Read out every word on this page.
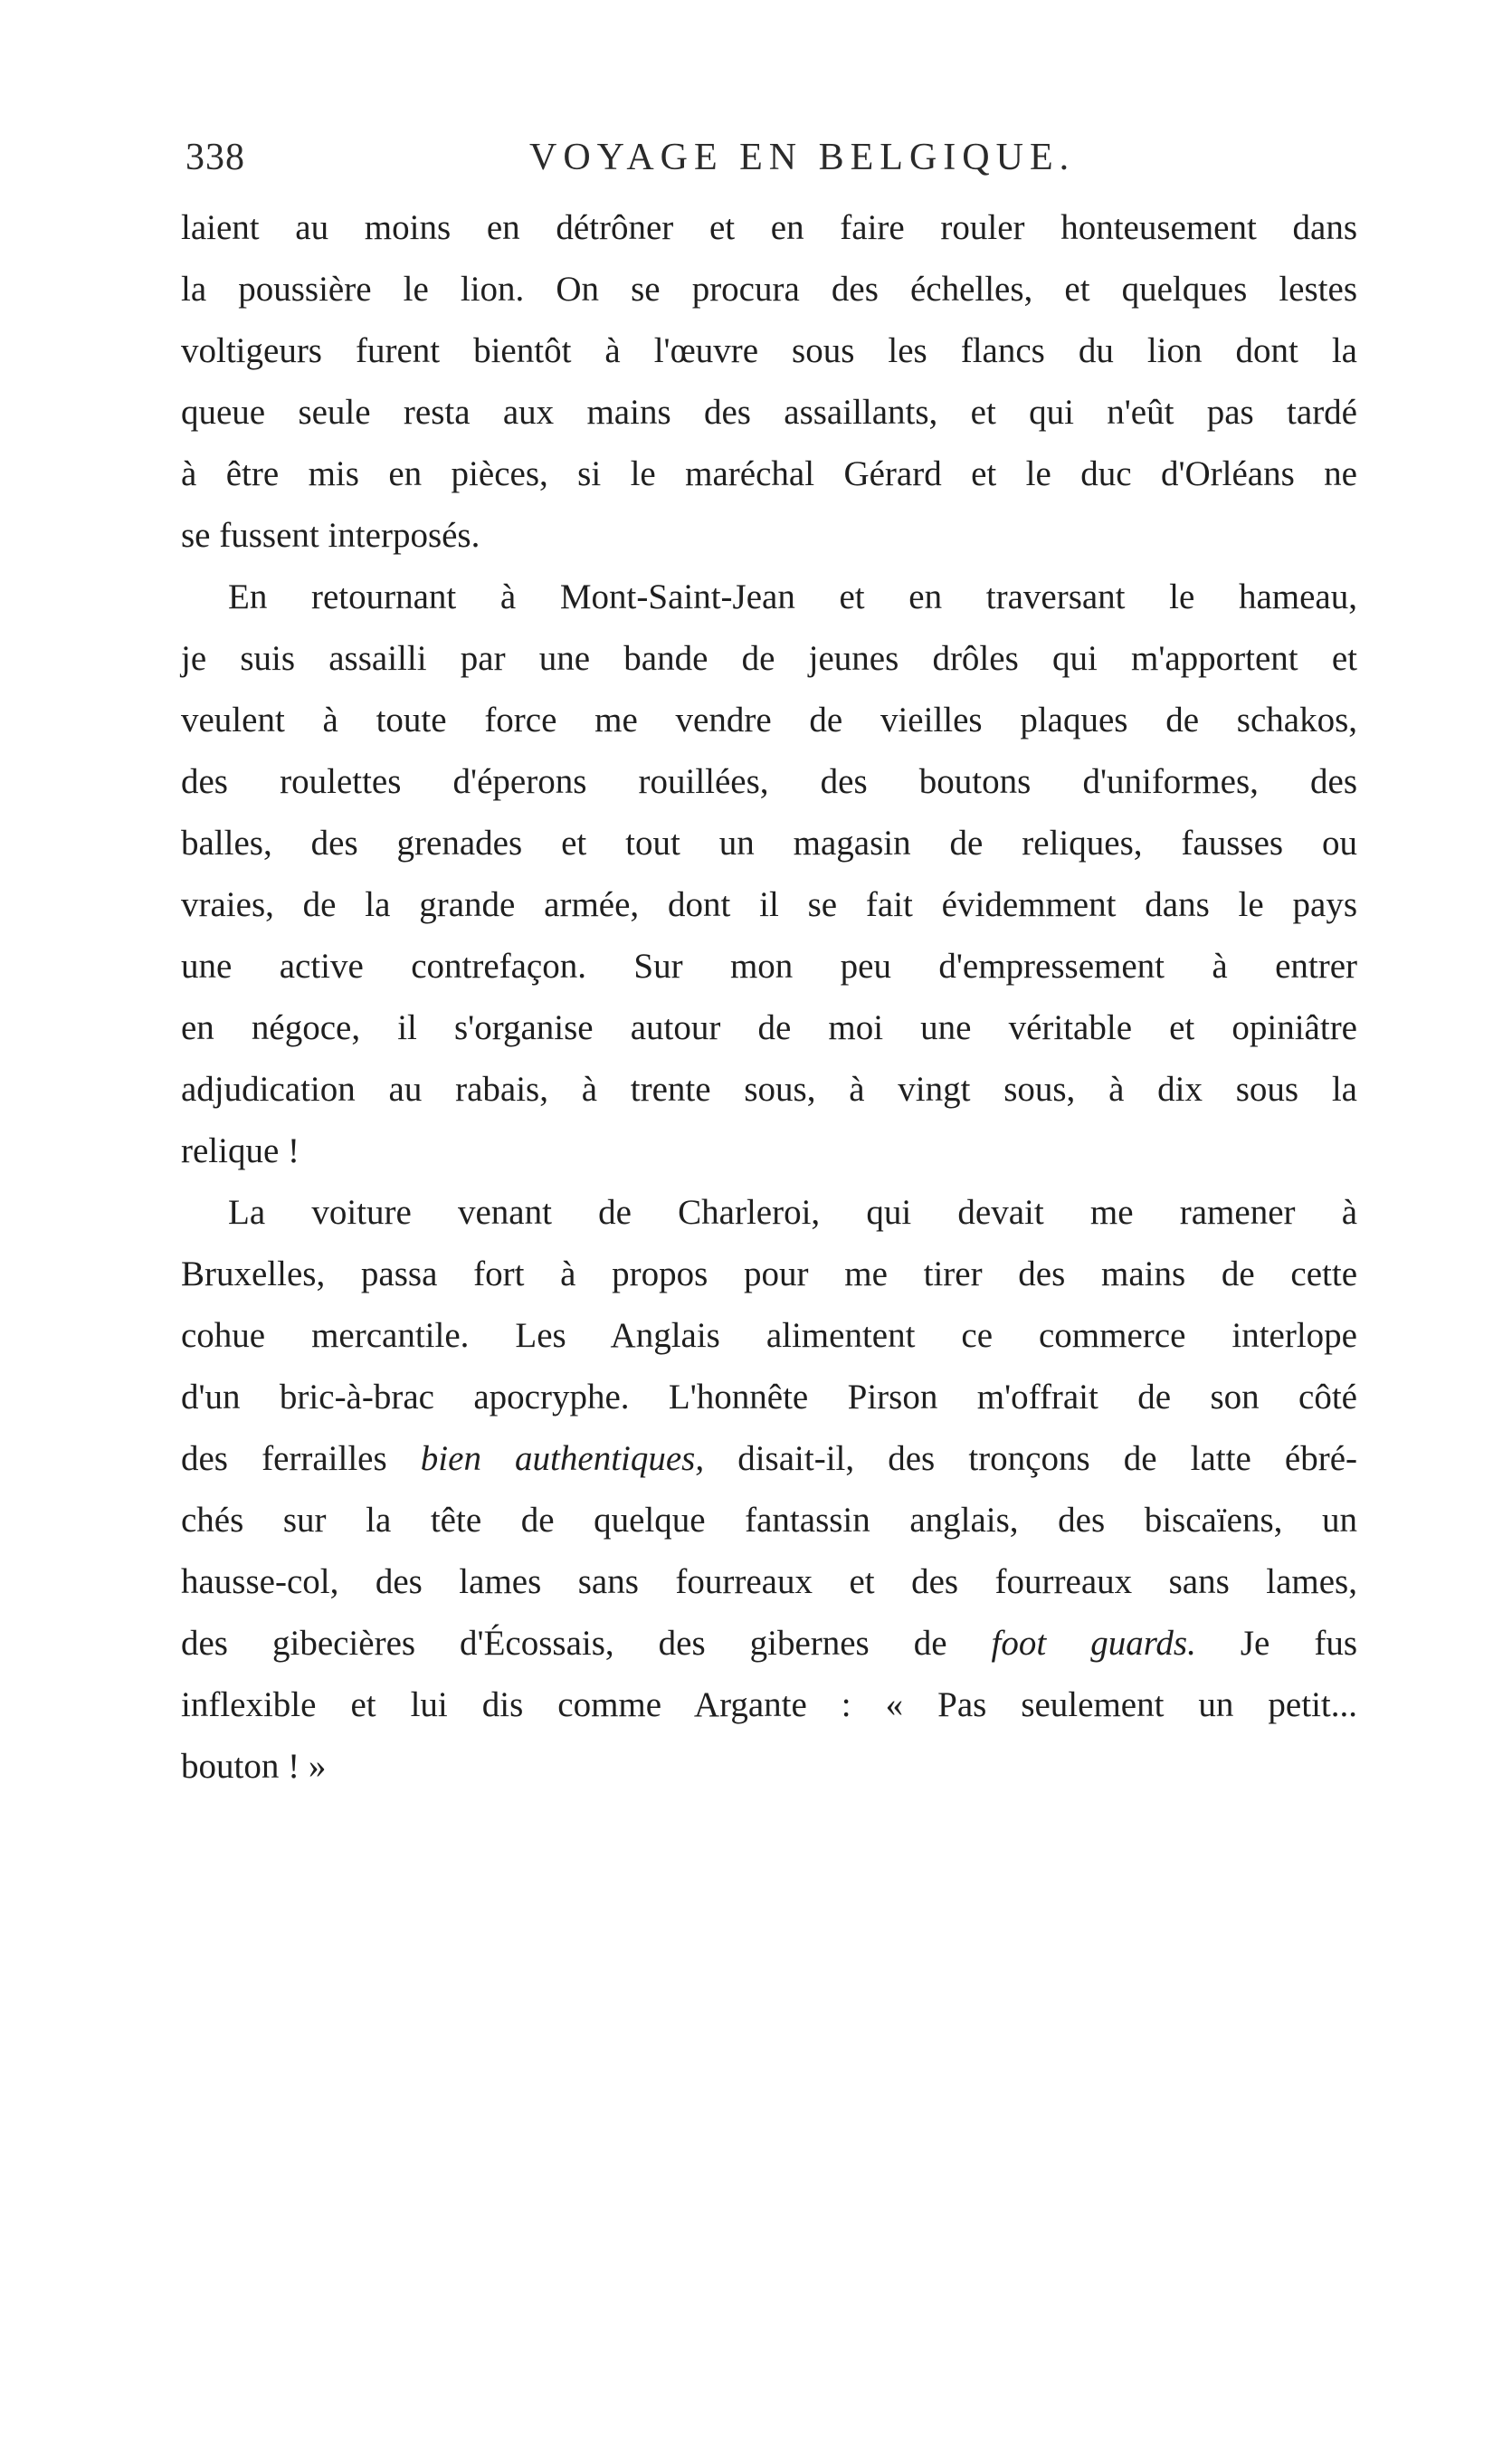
338	VOYAGE EN BELGIQUE.
laient au moins en détrôner et en faire rouler honteusement dans
la poussière le lion. On se procura des échelles, et quelques lestes
voltigeurs furent bientôt à l'œuvre sous les flancs du lion dont la
queue seule resta aux mains des assaillants, et qui n'eût pas tardé
à être mis en pièces, si le maréchal Gérard et le duc d'Orléans ne
se fussent interposés.
En retournant à Mont-Saint-Jean et en traversant le hameau,
je suis assailli par une bande de jeunes drôles qui m'apportent et
veulent à toute force me vendre de vieilles plaques de schakos,
des roulettes d'éperons rouillées, des boutons d'uniformes, des
balles, des grenades et tout un magasin de reliques, fausses ou
vraies, de la grande armée, dont il se fait évidemment dans le pays
une active contrefaçon. Sur mon peu d'empressement à entrer
en négoce, il s'organise autour de moi une véritable et opiniâtre
adjudication au rabais, à trente sous, à vingt sous, à dix sous la
relique !
La voiture venant de Charleroi, qui devait me ramener à
Bruxelles, passa fort à propos pour me tirer des mains de cette
cohue mercantile. Les Anglais alimentent ce commerce interlope
d'un bric-à-brac apocryphe. L'honnête Pirson m'offrait de son côté
des ferrailles bien authentiques, disait-il, des tronçons de latte ébré-
chés sur la tête de quelque fantassin anglais, des biscaïens, un
hausse-col, des lames sans fourreaux et des fourreaux sans lames,
des gibecières d'Écossais, des gibernes de foot guards. Je fus
inflexible et lui dis comme Argante : « Pas seulement un petit...
bouton ! »
